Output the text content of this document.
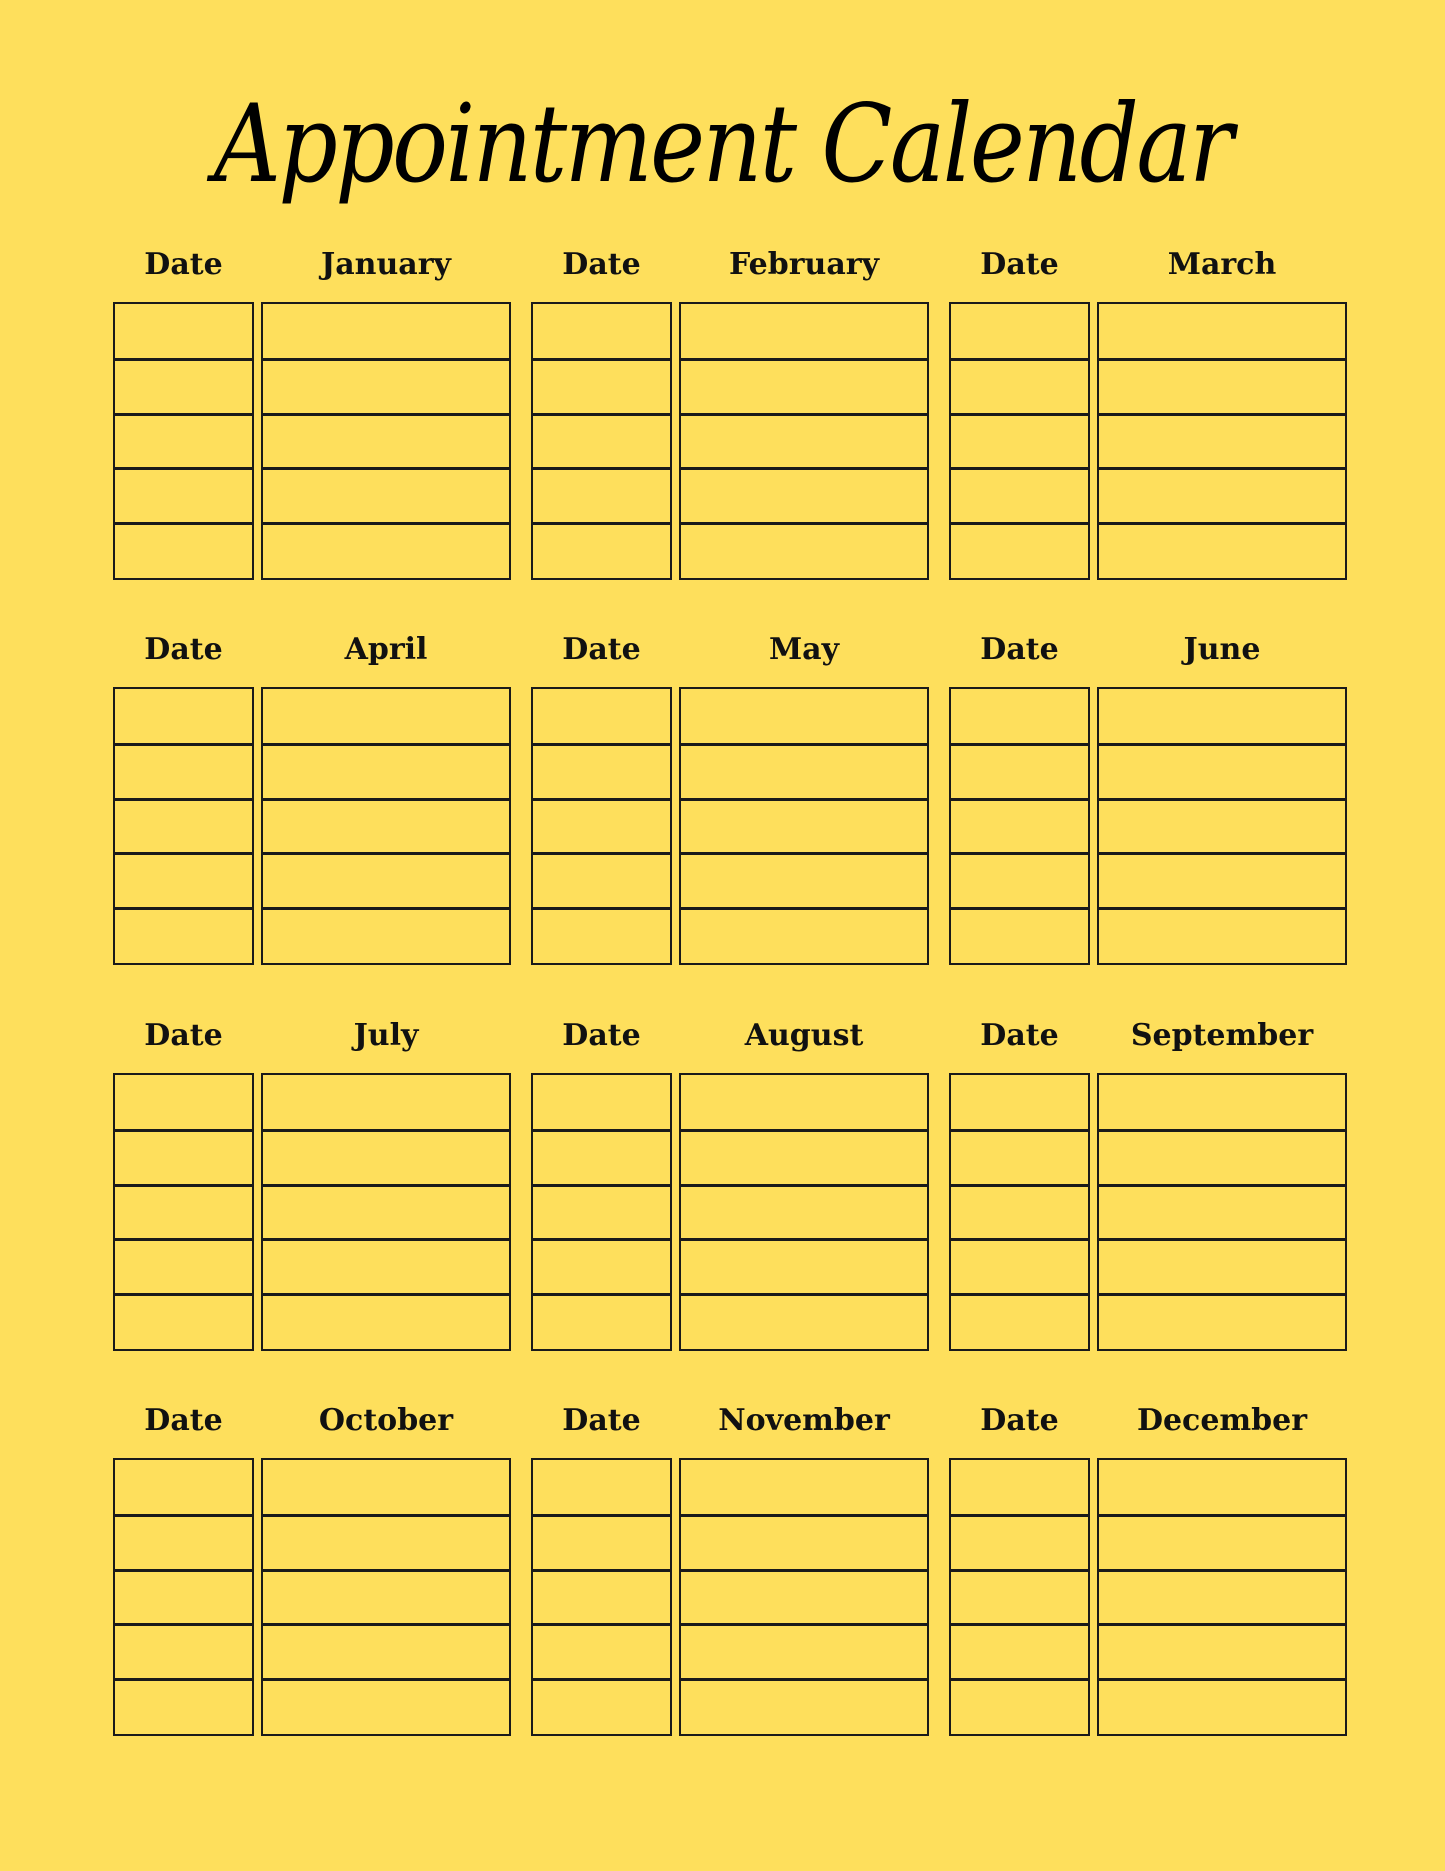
Appointment Calendar
Date	January	Date	February	Date	March
Date	April	Date	May	Date	June
Date	July	Date	August	Date	September
Date	October	Date	November	Date	December
